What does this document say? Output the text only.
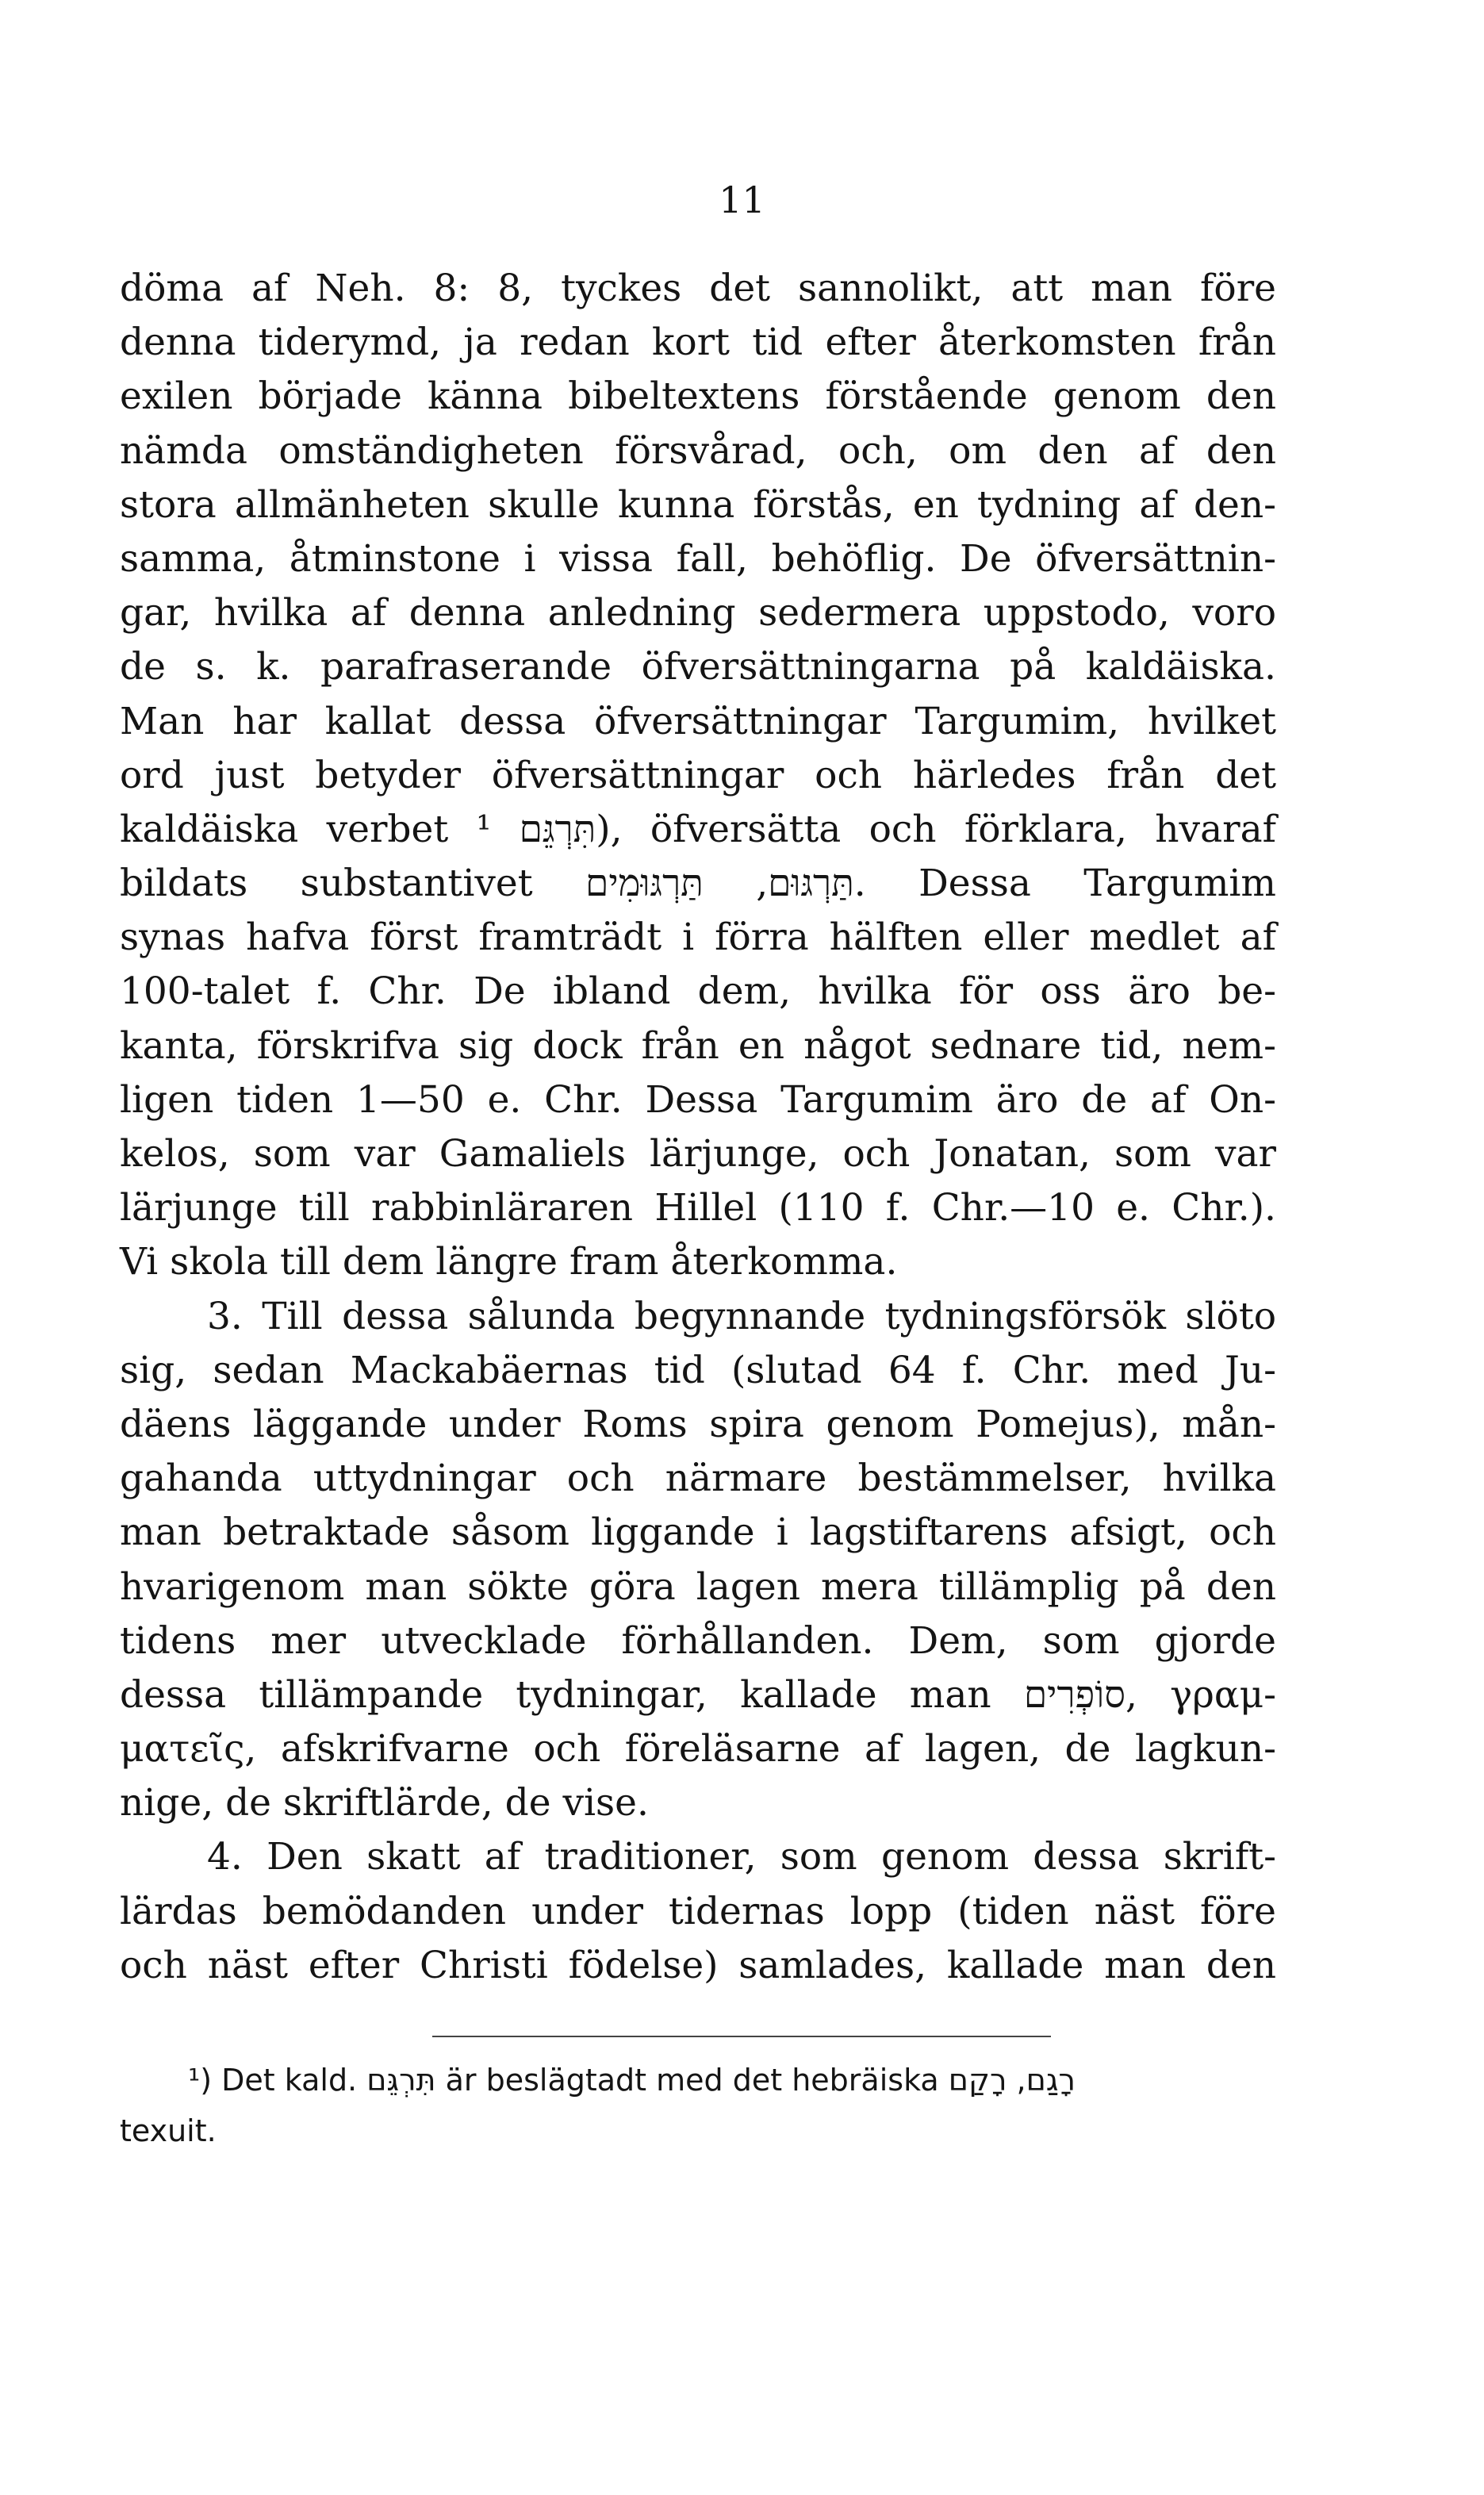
11
döma af Neh. 8: 8, tyckes det sannolikt, att man före
denna tiderymd, ja redan kort tid efter återkomsten från
exilen började känna bibeltextens förstående genom den
nämda omständigheten försvårad, och, om den af den
stora allmänheten skulle kunna förstås, en tydning af den-
samma, åtminstone i vissa fall, behöflig. De öfversättnin-
gar, hvilka af denna anledning sedermera uppstodo, voro
de s. k. parafraserande öfversättningarna på kaldäiska.
Man har kallat dessa öfversättningar Targumim, hvilket
ord just betyder öfversättningar och härledes från det
kaldäiska verbet תִּרְגֵּם ¹), öfversätta och förklara, hvaraf
bildats substantivet תַּרְגּוּם, תַּרְגּוּמִים. Dessa Targumim
synas hafva först framträdt i förra hälften eller medlet af
100-talet f. Chr. De ibland dem, hvilka för oss äro be-
kanta, förskrifva sig dock från en något sednare tid, nem-
ligen tiden 1—50 e. Chr. Dessa Targumim äro de af On-
kelos, som var Gamaliels lärjunge, och Jonatan, som var
lärjunge till rabbinläraren Hillel (110 f. Chr.—10 e. Chr.).
Vi skola till dem längre fram återkomma.
3. Till dessa sålunda begynnande tydningsförsök slöto
sig, sedan Mackabäernas tid (slutad 64 f. Chr. med Ju-
däens läggande under Roms spira genom Pomejus), mån-
gahanda uttydningar och närmare bestämmelser, hvilka
man betraktade såsom liggande i lagstiftarens afsigt, och
hvarigenom man sökte göra lagen mera tillämplig på den
tidens mer utvecklade förhållanden. Dem, som gjorde
dessa tillämpande tydningar, kallade man סוֹפְרִים, γραμ-
ματεῖς, afskrifvarne och föreläsarne af lagen, de lagkun-
nige, de skriftlärde, de vise.
4. Den skatt af traditioner, som genom dessa skrift-
lärdas bemödanden under tidernas lopp (tiden näst före
och näst efter Christi födelse) samlades, kallade man den
¹) Det kald. תִּרְגֵּם är beslägtadt med det hebräiska רָגַם, רָקַם
texuit.
